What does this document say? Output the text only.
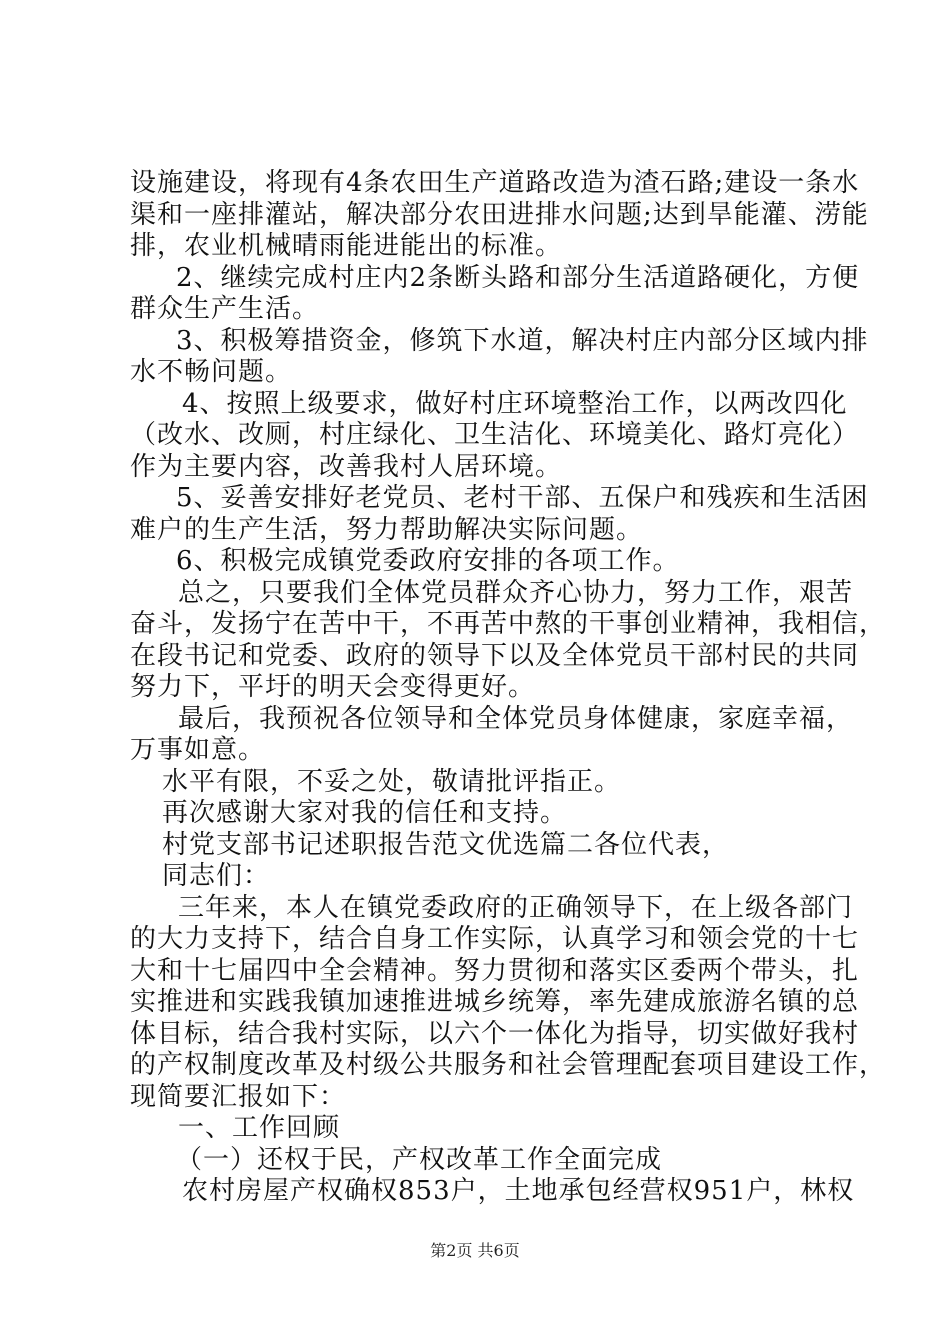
设施建设，将现有4条农田生产道路改造为渣石路;建设一条水
渠和一座排灌站，解决部分农田进排水问题;达到旱能灌、涝能
排，农业机械晴雨能进能出的标准。
2、继续完成村庄内2条断头路和部分生活道路硬化，方便
群众生产生活。
3、积极筹措资金，修筑下水道，解决村庄内部分区域内排
水不畅问题。
4、按照上级要求，做好村庄环境整治工作，以两改四化
（改水、改厕，村庄绿化、卫生洁化、环境美化、路灯亮化）
作为主要内容，改善我村人居环境。
5、妥善安排好老党员、老村干部、五保户和残疾和生活困
难户的生产生活，努力帮助解决实际问题。
6、积极完成镇党委政府安排的各项工作。
总之，只要我们全体党员群众齐心协力，努力工作，艰苦
奋斗，发扬宁在苦中干，不再苦中熬的干事创业精神，我相信，
在段书记和党委、政府的领导下以及全体党员干部村民的共同
努力下，平圩的明天会变得更好。
最后，我预祝各位领导和全体党员身体健康，家庭幸福，
万事如意。
水平有限，不妥之处，敬请批评指正。
再次感谢大家对我的信任和支持。
村党支部书记述职报告范文优选篇二各位代表，
同志们：
三年来，本人在镇党委政府的正确领导下，在上级各部门
的大力支持下，结合自身工作实际，认真学习和领会党的十七
大和十七届四中全会精神。努力贯彻和落实区委两个带头，扎
实推进和实践我镇加速推进城乡统筹，率先建成旅游名镇的总
体目标，结合我村实际，以六个一体化为指导，切实做好我村
的产权制度改革及村级公共服务和社会管理配套项目建设工作，
现简要汇报如下：
一、工作回顾
（一）还权于民，产权改革工作全面完成
农村房屋产权确权853户，土地承包经营权951户，林权
第2页 共6页
